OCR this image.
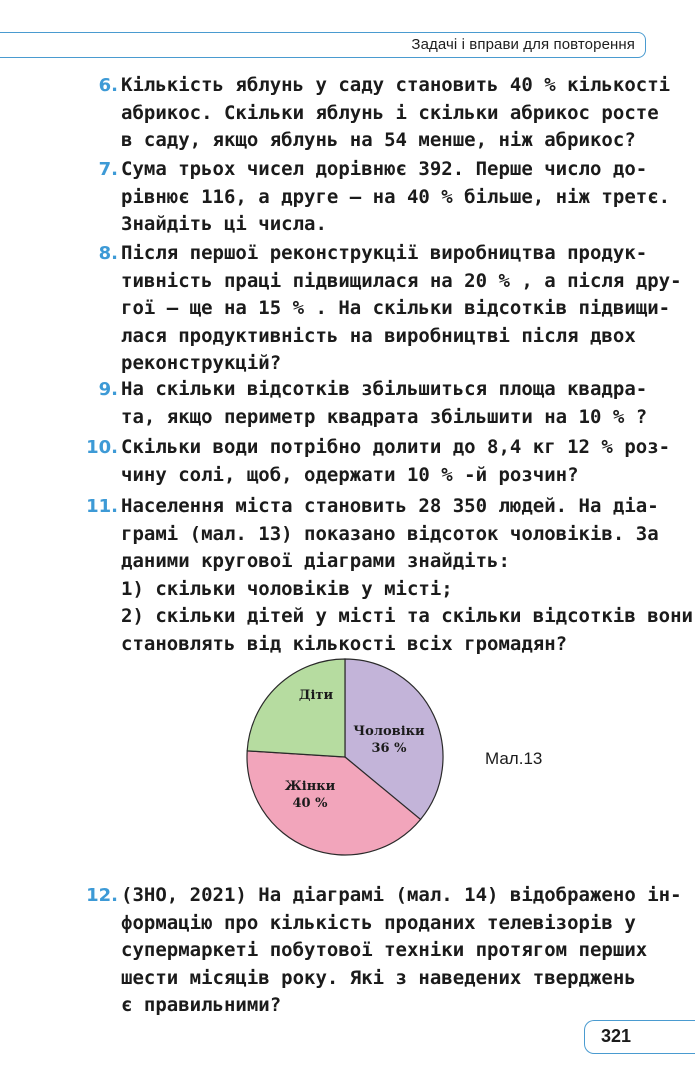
Задачі і вправи для повторення
6. Кількість яблунь у саду становить 40 % кількості
абрикос. Скільки яблунь і скільки абрикос росте
в саду, якщо яблунь на 54 менше, ніж абрикос?
7. Сума трьох чисел дорівнює 392. Перше число до-
рівнює 116, а друге — на 40 % більше, ніж третє.
Знайдіть ці числа.
8. Після першої реконструкції виробництва продук-
тивність праці підвищилася на 20 % , а після дру-
гої — ще на 15 % . На скільки відсотків підвищи-
лася продуктивність на виробництві після двох
реконструкцій?
9. На скільки відсотків збільшиться площа квадра-
та, якщо периметр квадрата збільшити на 10 % ?
10. Скільки води потрібно долити до 8,4 кг 12 % роз-
чину солі, щоб, одержати 10 % -й розчин?
11. Населення міста становить 28 350 людей. На діа-
грамі (мал. 13) показано відсоток чоловіків. За
даними кругової діаграми знайдіть:
1) скільки чоловіків у місті;
2) скільки дітей у місті та скільки відсотків вони
становлять від кількості всіх громадян?
Чоловіки
36 %
Жінки
40 %
Діти
Мал.13
12. (ЗНО, 2021) На діаграмі (мал. 14) відображено ін-
формацію про кількість проданих телевізорів у
супермаркеті побутової техніки протягом перших
шести місяців року. Які з наведених тверджень
є правильними?
321
